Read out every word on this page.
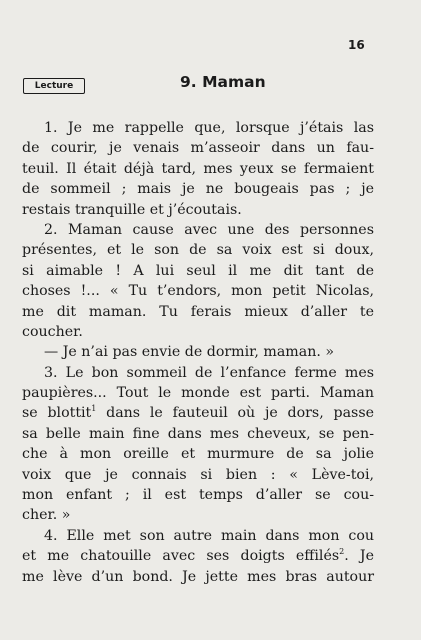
16
Lecture	9. Maman
1. Je me rappelle que, lorsque j’étais las
de courir, je venais m’asseoir dans un fau-
teuil. Il était déjà tard, mes yeux se fermaient
de sommeil ; mais je ne bougeais pas ; je
restais tranquille et j’écoutais.
2. Maman cause avec une des personnes
présentes, et le son de sa voix est si doux,
si aimable ! A lui seul il me dit tant de
choses !... « Tu t’endors, mon petit Nicolas,
me dit maman. Tu ferais mieux d’aller te
coucher.
— Je n’ai pas envie de dormir, maman. »
3. Le bon sommeil de l’enfance ferme mes
paupières... Tout le monde est parti. Maman
se blottit$^1$ dans le fauteuil où je dors, passe
sa belle main fine dans mes cheveux, se pen-
che à mon oreille et murmure de sa jolie
voix que je connais si bien : « Lève-toi,
mon enfant ; il est temps d’aller se cou-
cher. »
4. Elle met son autre main dans mon cou
et me chatouille avec ses doigts effilés$^2$. Je
me lève d’un bond. Je jette mes bras autour
